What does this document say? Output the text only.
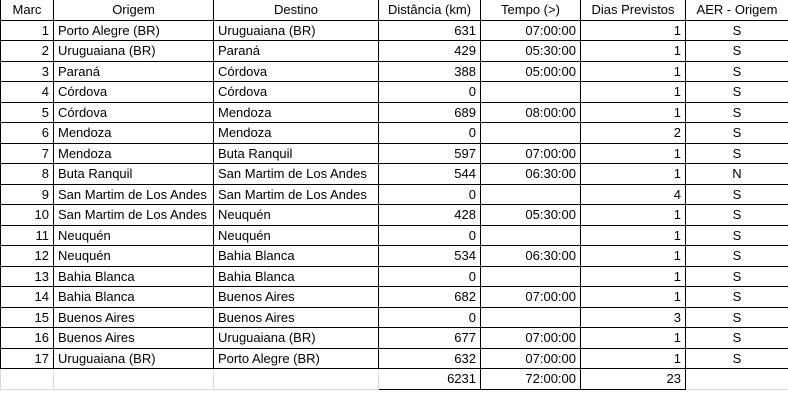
Marc	Origem	Destino	Distância (km)	Tempo (>)	Dias Previstos	AER - Origem
1	Porto Alegre (BR)	Uruguaiana (BR)	631	07:00:00	1	S
2	Uruguaiana (BR)	Paraná	429	05:30:00	1	S
3	Paraná	Córdova	388	05:00:00	1	S
4	Córdova	Córdova	0		1	S
5	Córdova	Mendoza	689	08:00:00	1	S
6	Mendoza	Mendoza	0		2	S
7	Mendoza	Buta Ranquil	597	07:00:00	1	S
8	Buta Ranquil	San Martim de Los Andes	544	06:30:00	1	N
9	San Martim de Los Andes	San Martim de Los Andes	0		4	S
10	San Martim de Los Andes	Neuquén	428	05:30:00	1	S
11	Neuquén	Neuquén	0		1	S
12	Neuquén	Bahia Blanca	534	06:30:00	1	S
13	Bahia Blanca	Bahia Blanca	0		1	S
14	Bahia Blanca	Buenos Aires	682	07:00:00	1	S
15	Buenos Aires	Buenos Aires	0		3	S
16	Buenos Aires	Uruguaiana (BR)	677	07:00:00	1	S
17	Uruguaiana (BR)	Porto Alegre (BR)	632	07:00:00	1	S
			6231	72:00:00	23	
